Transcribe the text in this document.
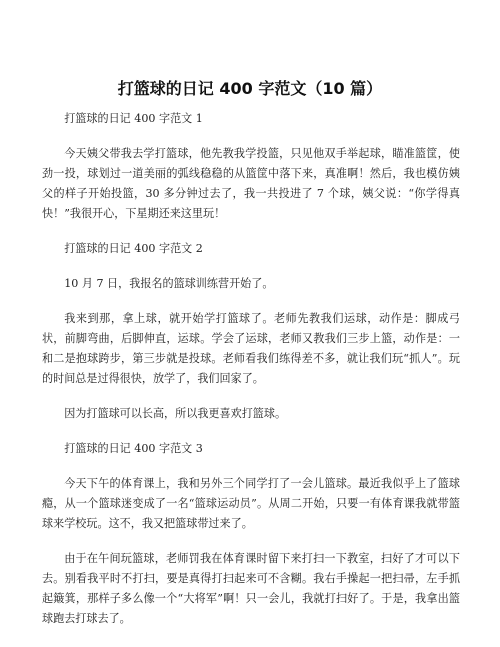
打篮球的日记 400 字范文（10 篇）

打篮球的日记 400 字范文 1

今天姨父带我去学打篮球，他先教我学投篮，只见他双手举起球，瞄准篮筐，使劲一投，球划过一道美丽的弧线稳稳的从篮筐中落下来，真准啊！然后，我也模仿姨父的样子开始投篮，30 多分钟过去了，我一共投进了 7 个球，姨父说：“你学得真快！”我很开心，下星期还来这里玩！

打篮球的日记 400 字范文 2

10 月 7 日，我报名的篮球训练营开始了。

我来到那，拿上球，就开始学打篮球了。老师先教我们运球，动作是：脚成弓状，前脚弯曲，后脚伸直，运球。学会了运球，老师又教我们三步上篮，动作是：一和二是抱球跨步，第三步就是投球。老师看我们练得差不多，就让我们玩“抓人”。玩的时间总是过得很快，放学了，我们回家了。

因为打篮球可以长高，所以我更喜欢打篮球。

打篮球的日记 400 字范文 3

今天下午的体育课上，我和另外三个同学打了一会儿篮球。最近我似乎上了篮球瘾，从一个篮球迷变成了一名“篮球运动员”。从周二开始，只要一有体育课我就带篮球来学校玩。这不，我又把篮球带过来了。

由于在午间玩篮球，老师罚我在体育课时留下来打扫一下教室，扫好了才可以下去。别看我平时不打扫，要是真得打扫起来可不含糊。我右手操起一把扫帚，左手抓起簸箕，那样子多么像一个“大将军”啊！只一会儿，我就打扫好了。于是，我拿出篮球跑去打球去了。
